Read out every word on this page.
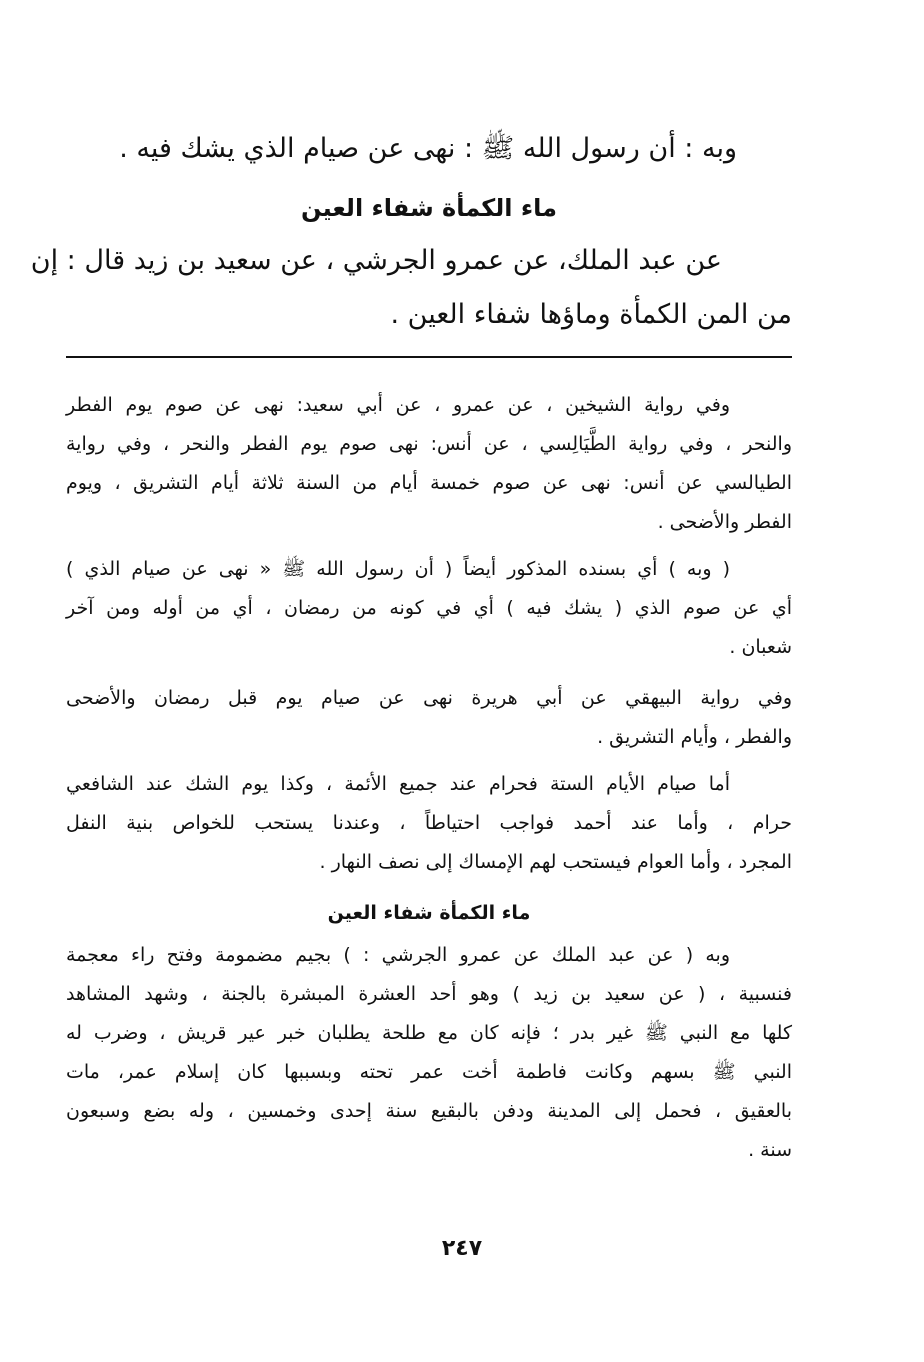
وبه : أن رسول الله ﷺ : نهى عن صيام الذي يشك فيه .
ماء الكمأة شفاء العين
عن عبد الملك، عن عمرو الجرشي ، عن سعيد بن زيد قال : إن
من المن الكمأة وماؤها شفاء العين .
وفي رواية الشيخين ، عن عمرو ، عن أبي سعيد: نهى عن صوم يوم الفطر
والنحر ، وفي رواية الطَّيَالِسي ، عن أنس: نهى صوم يوم الفطر والنحر ، وفي رواية
الطيالسي عن أنس: نهى عن صوم خمسة أيام من السنة ثلاثة أيام التشريق ، ويوم
الفطر والأضحى .
( وبه ) أي بسنده المذكور أيضاً ( أن رسول الله ﷺ « نهى عن صيام الذي )
أي عن صوم الذي ( يشك فيه ) أي في كونه من رمضان ، أي من أوله ومن آخر
شعبان .
وفي رواية البيهقي عن أبي هريرة نهى عن صيام يوم قبل رمضان والأضحى
والفطر ، وأيام التشريق .
أما صيام الأيام الستة فحرام عند جميع الأئمة ، وكذا يوم الشك عند الشافعي
حرام ، وأما عند أحمد فواجب احتياطاً ، وعندنا يستحب للخواص بنية النفل
المجرد ، وأما العوام فيستحب لهم الإمساك إلى نصف النهار .
ماء الكمأة شفاء العين
وبه ( عن عبد الملك عن عمرو الجرشي : ) بجيم مضمومة وفتح راء معجمة
فنسبية ، ( عن سعيد بن زيد ) وهو أحد العشرة المبشرة بالجنة ، وشهد المشاهد
كلها مع النبي ﷺ غير بدر ؛ فإنه كان مع طلحة يطلبان خبر عير قريش ، وضرب له
النبي ﷺ بسهم وكانت فاطمة أخت عمر تحته وبسببها كان إسلام عمر، مات
بالعقيق ، فحمل إلى المدينة ودفن بالبقيع سنة إحدى وخمسين ، وله بضع وسبعون
سنة .
٢٤٧
